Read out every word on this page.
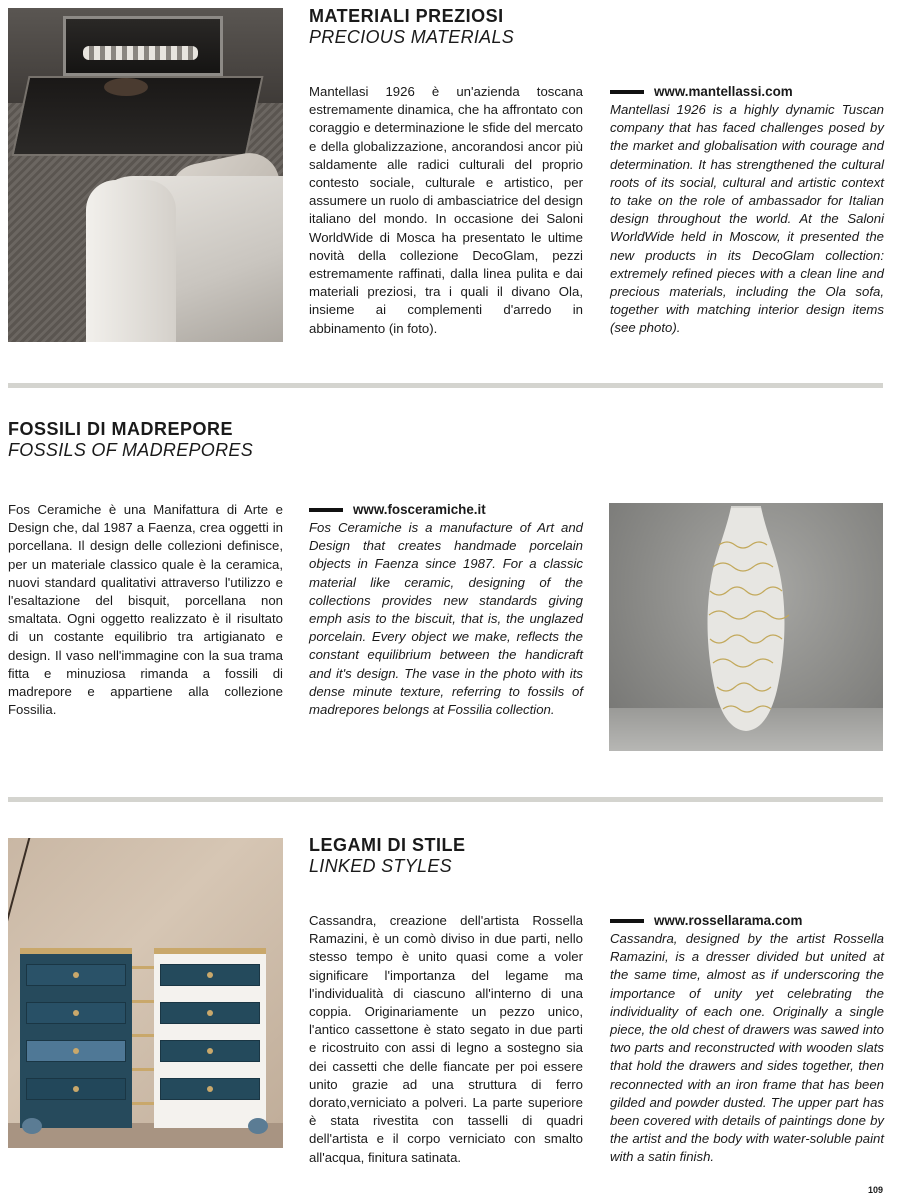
MATERIALI PREZIOSI
PRECIOUS MATERIALS
Mantellasi 1926 è un'azienda toscana estremamente dinamica, che ha affrontato con coraggio e determinazione le sfide del mercato e della globalizzazione, ancorandosi ancor più saldamente alle radici culturali del proprio contesto sociale, culturale e artistico, per assumere un ruolo di ambasciatrice del design italiano del mondo. In occasione dei Saloni WorldWide di Mosca ha presentato le ultime novità della collezione DecoGlam, pezzi estremamente raffinati, dalla linea pulita e dai materiali preziosi, tra i quali il divano Ola, insieme ai complementi d'arredo in abbinamento (in foto).
www.mantellassi.com
Mantellasi 1926 is a highly dynamic Tuscan company that has faced challenges posed by the market and globalisation with courage and determination. It has strengthened the cultural roots of its social, cultural and artistic context to take on the role of ambassador for Italian design throughout the world. At the Saloni WorldWide held in Moscow, it presented the new products in its DecoGlam collection: extremely refined pieces with a clean line and precious materials, including the Ola sofa, together with matching interior design items (see photo).
FOSSILI DI MADREPORE
FOSSILS OF MADREPORES
Fos Ceramiche è una Manifattura di Arte e Design che, dal 1987 a Faenza, crea oggetti in porcellana. Il design delle collezioni definisce, per un materiale classico quale è la ceramica, nuovi standard qualitativi attraverso l'utilizzo e l'esaltazione del bisquit, porcellana non smaltata. Ogni oggetto realizzato è il risultato di un costante equilibrio tra artigianato e design. Il vaso nell'immagine con la sua trama fitta e minuziosa rimanda a fossili di madrepore e appartiene alla collezione Fossilia.
www.fosceramiche.it
Fos Ceramiche is a manufacture of Art and Design that creates handmade porcelain objects in Faenza since 1987. For a classic material like ceramic, designing of the collections provides new standards giving emph asis to the biscuit, that is, the unglazed porcelain. Every object we make, reflects the constant equilibrium between the handicraft and it's design. The vase in the photo with its dense minute texture, referring to fossils of madrepores belongs at Fossilia collection.
LEGAMI DI STILE
LINKED STYLES
Cassandra, creazione dell'artista Rossella Ramazini, è un comò diviso in due parti, nello stesso tempo è unito quasi come a voler significare l'importanza del legame ma l'individualità di ciascuno all'interno di una coppia. Originariamente un pezzo unico, l'antico cassettone è stato segato in due parti e ricostruito con assi di legno a sostegno sia dei cassetti che delle fiancate per poi essere unito grazie ad una struttura di ferro dorato,verniciato a polveri. La parte superiore è stata rivestita con tasselli di quadri dell'artista e il corpo verniciato con smalto all'acqua, finitura satinata.
www.rossellarama.com
Cassandra, designed by the artist Rossella Ramazini, is a dresser divided but united at the same time, almost as if underscoring the importance of unity yet celebrating the individuality of each one. Originally a single piece, the old chest of drawers was sawed into two parts and reconstructed with wooden slats that hold the drawers and sides together, then reconnected with an iron frame that has been gilded and powder dusted. The upper part has been covered with details of paintings done by the artist and the body with water-soluble paint with a satin finish.
109
